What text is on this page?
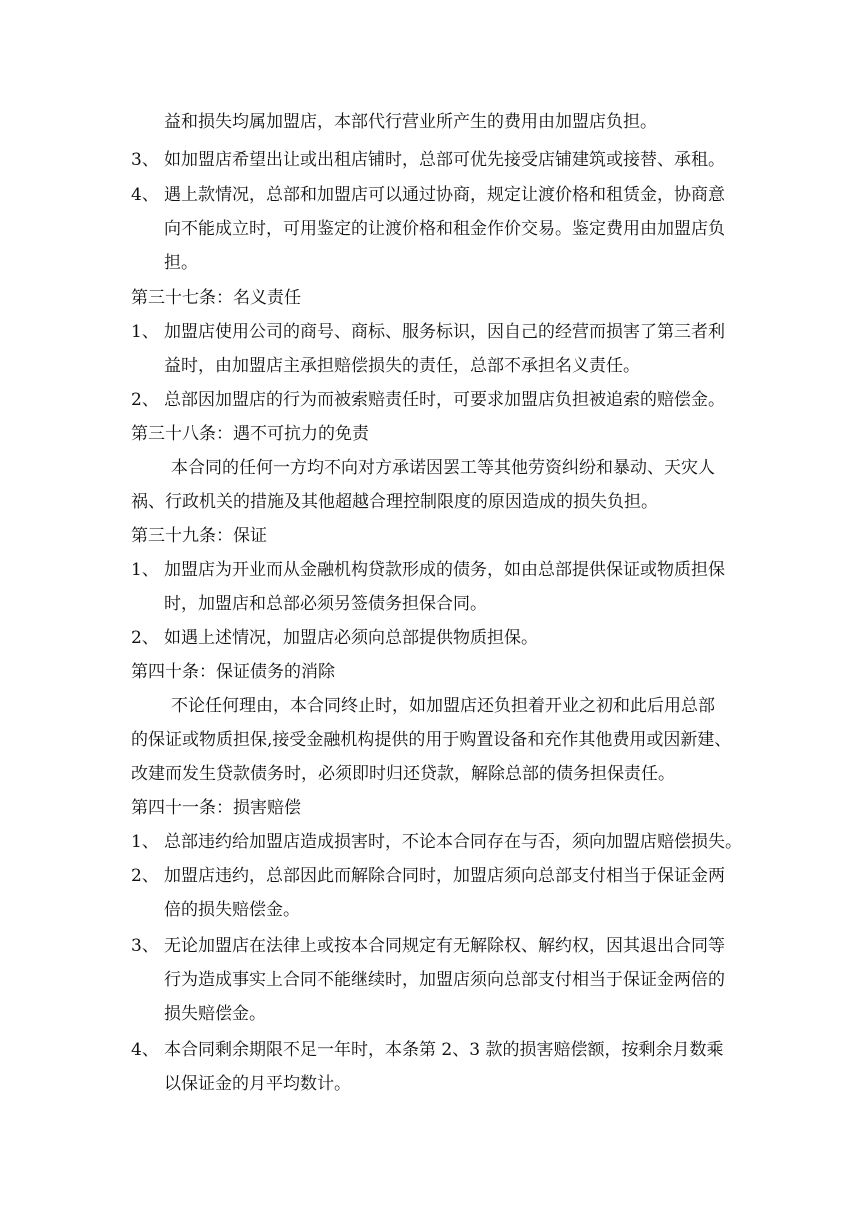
益和损失均属加盟店，本部代行营业所产生的费用由加盟店负担。
3、 如加盟店希望出让或出租店铺时，总部可优先接受店铺建筑或接替、承租。
4、 遇上款情况，总部和加盟店可以通过协商，规定让渡价格和租赁金，协商意
向不能成立时，可用鉴定的让渡价格和租金作价交易。鉴定费用由加盟店负
担。
第三十七条：名义责任
1、 加盟店使用公司的商号、商标、服务标识，因自己的经营而损害了第三者利
益时，由加盟店主承担赔偿损失的责任，总部不承担名义责任。
2、 总部因加盟店的行为而被索赔责任时，可要求加盟店负担被追索的赔偿金。
第三十八条：遇不可抗力的免责
本合同的任何一方均不向对方承诺因罢工等其他劳资纠纷和暴动、天灾人
祸、行政机关的措施及其他超越合理控制限度的原因造成的损失负担。
第三十九条：保证
1、 加盟店为开业而从金融机构贷款形成的债务，如由总部提供保证或物质担保
时，加盟店和总部必须另签债务担保合同。
2、 如遇上述情况，加盟店必须向总部提供物质担保。
第四十条：保证债务的消除
不论任何理由，本合同终止时，如加盟店还负担着开业之初和此后用总部
的保证或物质担保,接受金融机构提供的用于购置设备和充作其他费用或因新建、
改建而发生贷款债务时，必须即时归还贷款，解除总部的债务担保责任。
第四十一条：损害赔偿
1、 总部违约给加盟店造成损害时，不论本合同存在与否，须向加盟店赔偿损失。
2、 加盟店违约，总部因此而解除合同时，加盟店须向总部支付相当于保证金两
倍的损失赔偿金。
3、 无论加盟店在法律上或按本合同规定有无解除权、解约权，因其退出合同等
行为造成事实上合同不能继续时，加盟店须向总部支付相当于保证金两倍的
损失赔偿金。
4、 本合同剩余期限不足一年时，本条第 2、3 款的损害赔偿额，按剩余月数乘
以保证金的月平均数计。
